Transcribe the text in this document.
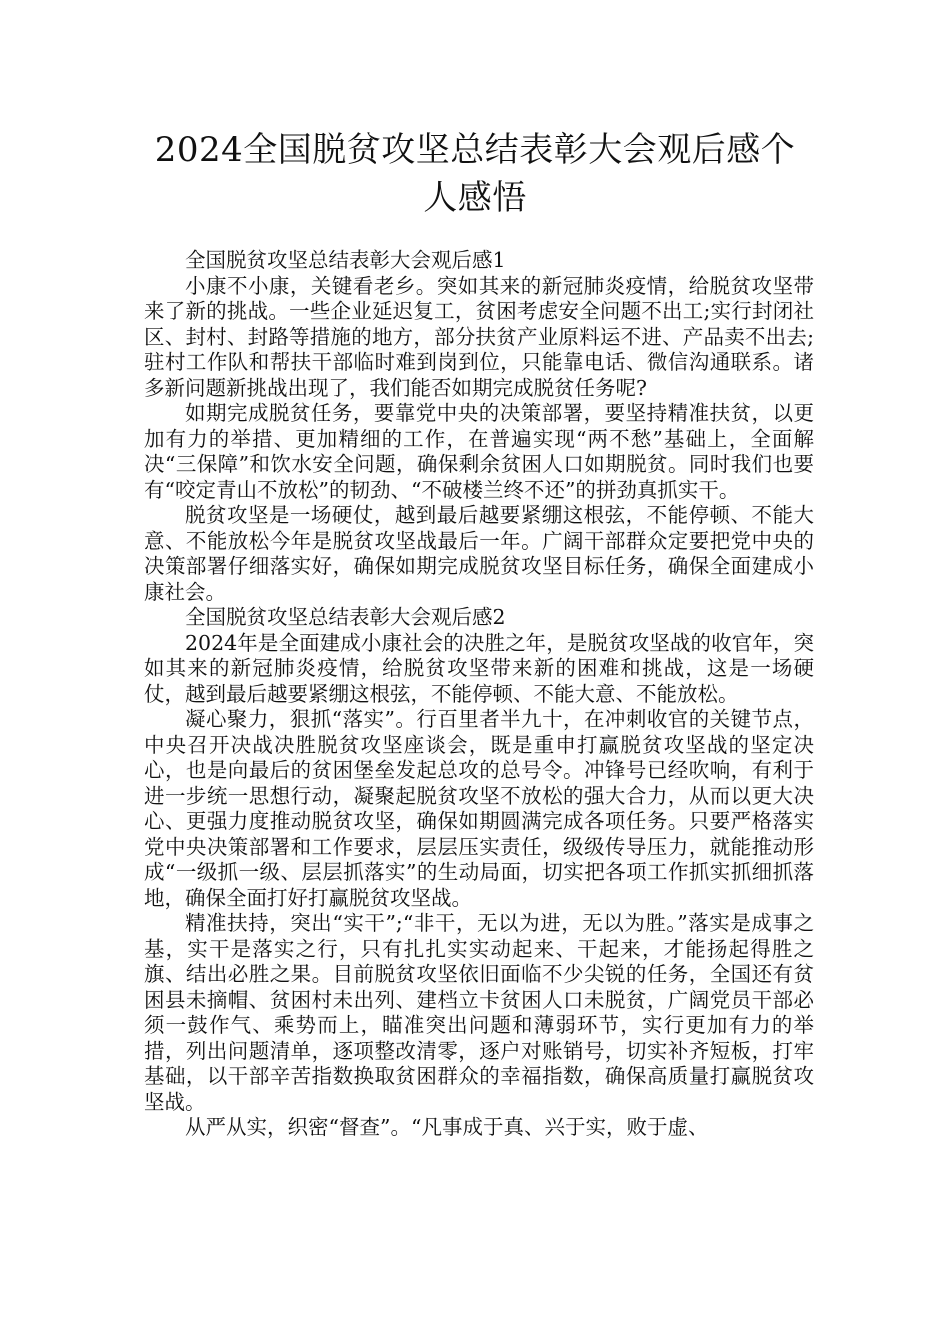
2024全国脱贫攻坚总结表彰大会观后感个人感悟

全国脱贫攻坚总结表彰大会观后感1

小康不小康，关键看老乡。突如其来的新冠肺炎疫情，给脱贫攻坚带来了新的挑战。一些企业延迟复工，贫困考虑安全问题不出工;实行封闭社区、封村、封路等措施的地方，部分扶贫产业原料运不进、产品卖不出去;驻村工作队和帮扶干部临时难到岗到位，只能靠电话、微信沟通联系。诸多新问题新挑战出现了，我们能否如期完成脱贫任务呢?

如期完成脱贫任务，要靠党中央的决策部署，要坚持精准扶贫，以更加有力的举措、更加精细的工作，在普遍实现“两不愁”基础上，全面解决“三保障”和饮水安全问题，确保剩余贫困人口如期脱贫。同时我们也要有“咬定青山不放松”的韧劲、“不破楼兰终不还”的拼劲真抓实干。

脱贫攻坚是一场硬仗，越到最后越要紧绷这根弦，不能停顿、不能大意、不能放松今年是脱贫攻坚战最后一年。广阔干部群众定要把党中央的决策部署仔细落实好，确保如期完成脱贫攻坚目标任务，确保全面建成小康社会。

全国脱贫攻坚总结表彰大会观后感2

2024年是全面建成小康社会的决胜之年，是脱贫攻坚战的收官年，突如其来的新冠肺炎疫情，给脱贫攻坚带来新的困难和挑战，这是一场硬仗，越到最后越要紧绷这根弦，不能停顿、不能大意、不能放松。

凝心聚力，狠抓“落实”。行百里者半九十，在冲刺收官的关键节点，中央召开决战决胜脱贫攻坚座谈会，既是重申打赢脱贫攻坚战的坚定决心，也是向最后的贫困堡垒发起总攻的总号令。冲锋号已经吹响，有利于进一步统一思想行动，凝聚起脱贫攻坚不放松的强大合力，从而以更大决心、更强力度推动脱贫攻坚，确保如期圆满完成各项任务。只要严格落实党中央决策部署和工作要求，层层压实责任，级级传导压力，就能推动形成“一级抓一级、层层抓落实”的生动局面，切实把各项工作抓实抓细抓落地，确保全面打好打赢脱贫攻坚战。

精准扶持，突出“实干”;“非干，无以为进，无以为胜。”落实是成事之基，实干是落实之行，只有扎扎实实动起来、干起来，才能扬起得胜之旗、结出必胜之果。目前脱贫攻坚依旧面临不少尖锐的任务，全国还有贫困县未摘帽、贫困村未出列、建档立卡贫困人口未脱贫，广阔党员干部必须一鼓作气、乘势而上，瞄准突出问题和薄弱环节，实行更加有力的举措，列出问题清单，逐项整改清零，逐户对账销号，切实补齐短板，打牢基础，以干部辛苦指数换取贫困群众的幸福指数，确保高质量打赢脱贫攻坚战。

从严从实，织密“督查”。“凡事成于真、兴于实，败于虚、
